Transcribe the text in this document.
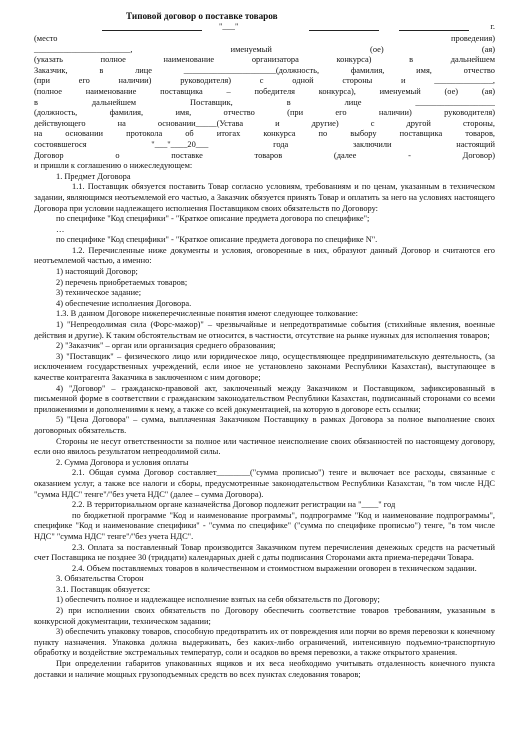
Типовой договор о поставке товаров
"___"	г.
(место проведения)
_______________________, именуемый (ое) (ая)
(указать полное наименование организатора конкурса) в дальнейшем
Заказчик, в лице ______________________(должность, фамилия, имя, отчество
(при его наличии) руководителя) с одной стороны и ______________,
(полное наименование поставщика – победителя конкурса), именуемый (ое) (ая)
в дальнейшем Поставщик, в лице ___________________
(должность, фамилия, имя, отчество (при его наличии) руководителя)
действующего на основании_____(Устава и другие) с другой стороны,
на основании протокола об итогах конкурса по выбору поставщика товаров,
состоявшегося "___"____20___ года заключили настоящий
Договор о поставке товаров (далее - Договор)
и пришли к соглашению о нижеследующем:
1. Предмет Договора
1.1. Поставщик обязуется поставить Товар согласно условиям, требованиям и по ценам, указанным в техническом задании, являющимся неотъемлемой его частью, а Заказчик обязуется принять Товар и оплатить за него на условиях настоящего Договора при условии надлежащего исполнения Поставщиком своих обязательств по Договору:
по специфике "Код специфики" - "Краткое описание предмета договора по специфике";
…
по специфике "Код специфики" - "Краткое описание предмета договора по специфике N".
1.2. Перечисленные ниже документы и условия, оговоренные в них, образуют данный Договор и считаются его неотъемлемой частью, а именно:
1) настоящий Договор;
2) перечень приобретаемых товаров;
3) техническое задание;
4) обеспечение исполнения Договора.
1.3. В данном Договоре нижеперечисленные понятия имеют следующее толкование:
1) "Непреодолимая сила (Форс-мажор)" – чрезвычайные и непредотвратимые события (стихийные явления, военные действия и другие). К таким обстоятельствам не относится, в частности, отсутствие на рынке нужных для исполнения товаров;
2) "Заказчик" – орган или организация среднего образования;
3) "Поставщик" – физического лицо или юридическое лицо, осуществляющее предпринимательскую деятельность, (за исключением государственных учреждений, если иное не установлено законами Республики Казахстан), выступающее в качестве контрагента Заказчика в заключенном с ним договоре;
4) "Договор" – гражданско-правовой акт, заключенный между Заказчиком и Поставщиком, зафиксированный в письменной форме в соответствии с гражданским законодательством Республики Казахстан, подписанный сторонами со всеми приложениями и дополнениями к нему, а также со всей документацией, на которую в договоре есть ссылки;
5) "Цена Договора" – сумма, выплаченная Заказчиком Поставщику в рамках Договора за полное выполнение своих договорных обязательств.
Стороны не несут ответственности за полное или частичное неисполнение своих обязанностей по настоящему договору, если оно явилось результатом непреодолимой силы.
2. Сумма Договора и условия оплаты
2.1. Общая сумма Договор составляет________("сумма прописью") тенге и включает все расходы, связанные с оказанием услуг, а также все налоги и сборы, предусмотренные законодательством Республики Казахстан, "в том числе НДС "сумма НДС" тенге"/"без учета НДС" (далее – сумма Договора).
2.2. В территориальном органе казначейства Договор подлежит регистрации на "____" год
по бюджетной программе "Код и наименование программы", подпрограмме "Код и наименование подпрограммы", специфике "Код и наименование специфики" - "сумма по специфике" ("сумма по специфике прописью") тенге, "в том числе НДС" "сумма НДС" тенге"/"без учета НДС".
2.3. Оплата за поставленный Товар производится Заказчиком путем перечисления денежных средств на расчетный счет Поставщика не позднее 30 (тридцати) календарных дней с даты подписания Сторонами акта приема-передачи Товара.
2.4. Объем поставляемых товаров в количественном и стоимостном выражении оговорен в техническом задании.
3. Обязательства Сторон
3.1. Поставщик обязуется:
1) обеспечить полное и надлежащее исполнение взятых на себя обязательств по Договору;
2) при исполнении своих обязательств по Договору обеспечить соответствие товаров требованиям, указанным в конкурсной документации, техническом задании;
3) обеспечить упаковку товаров, способную предотвратить их от повреждения или порчи во время перевозки к конечному пункту назначения. Упаковка должна выдерживать, без каких-либо ограничений, интенсивную подъемно-транспортную обработку и воздействие экстремальных температур, соли и осадков во время перевозки, а также открытого хранения.
При определении габаритов упакованных ящиков и их веса необходимо учитывать отдаленность конечного пункта доставки и наличие мощных грузоподъемных средств во всех пунктах следования товаров;
